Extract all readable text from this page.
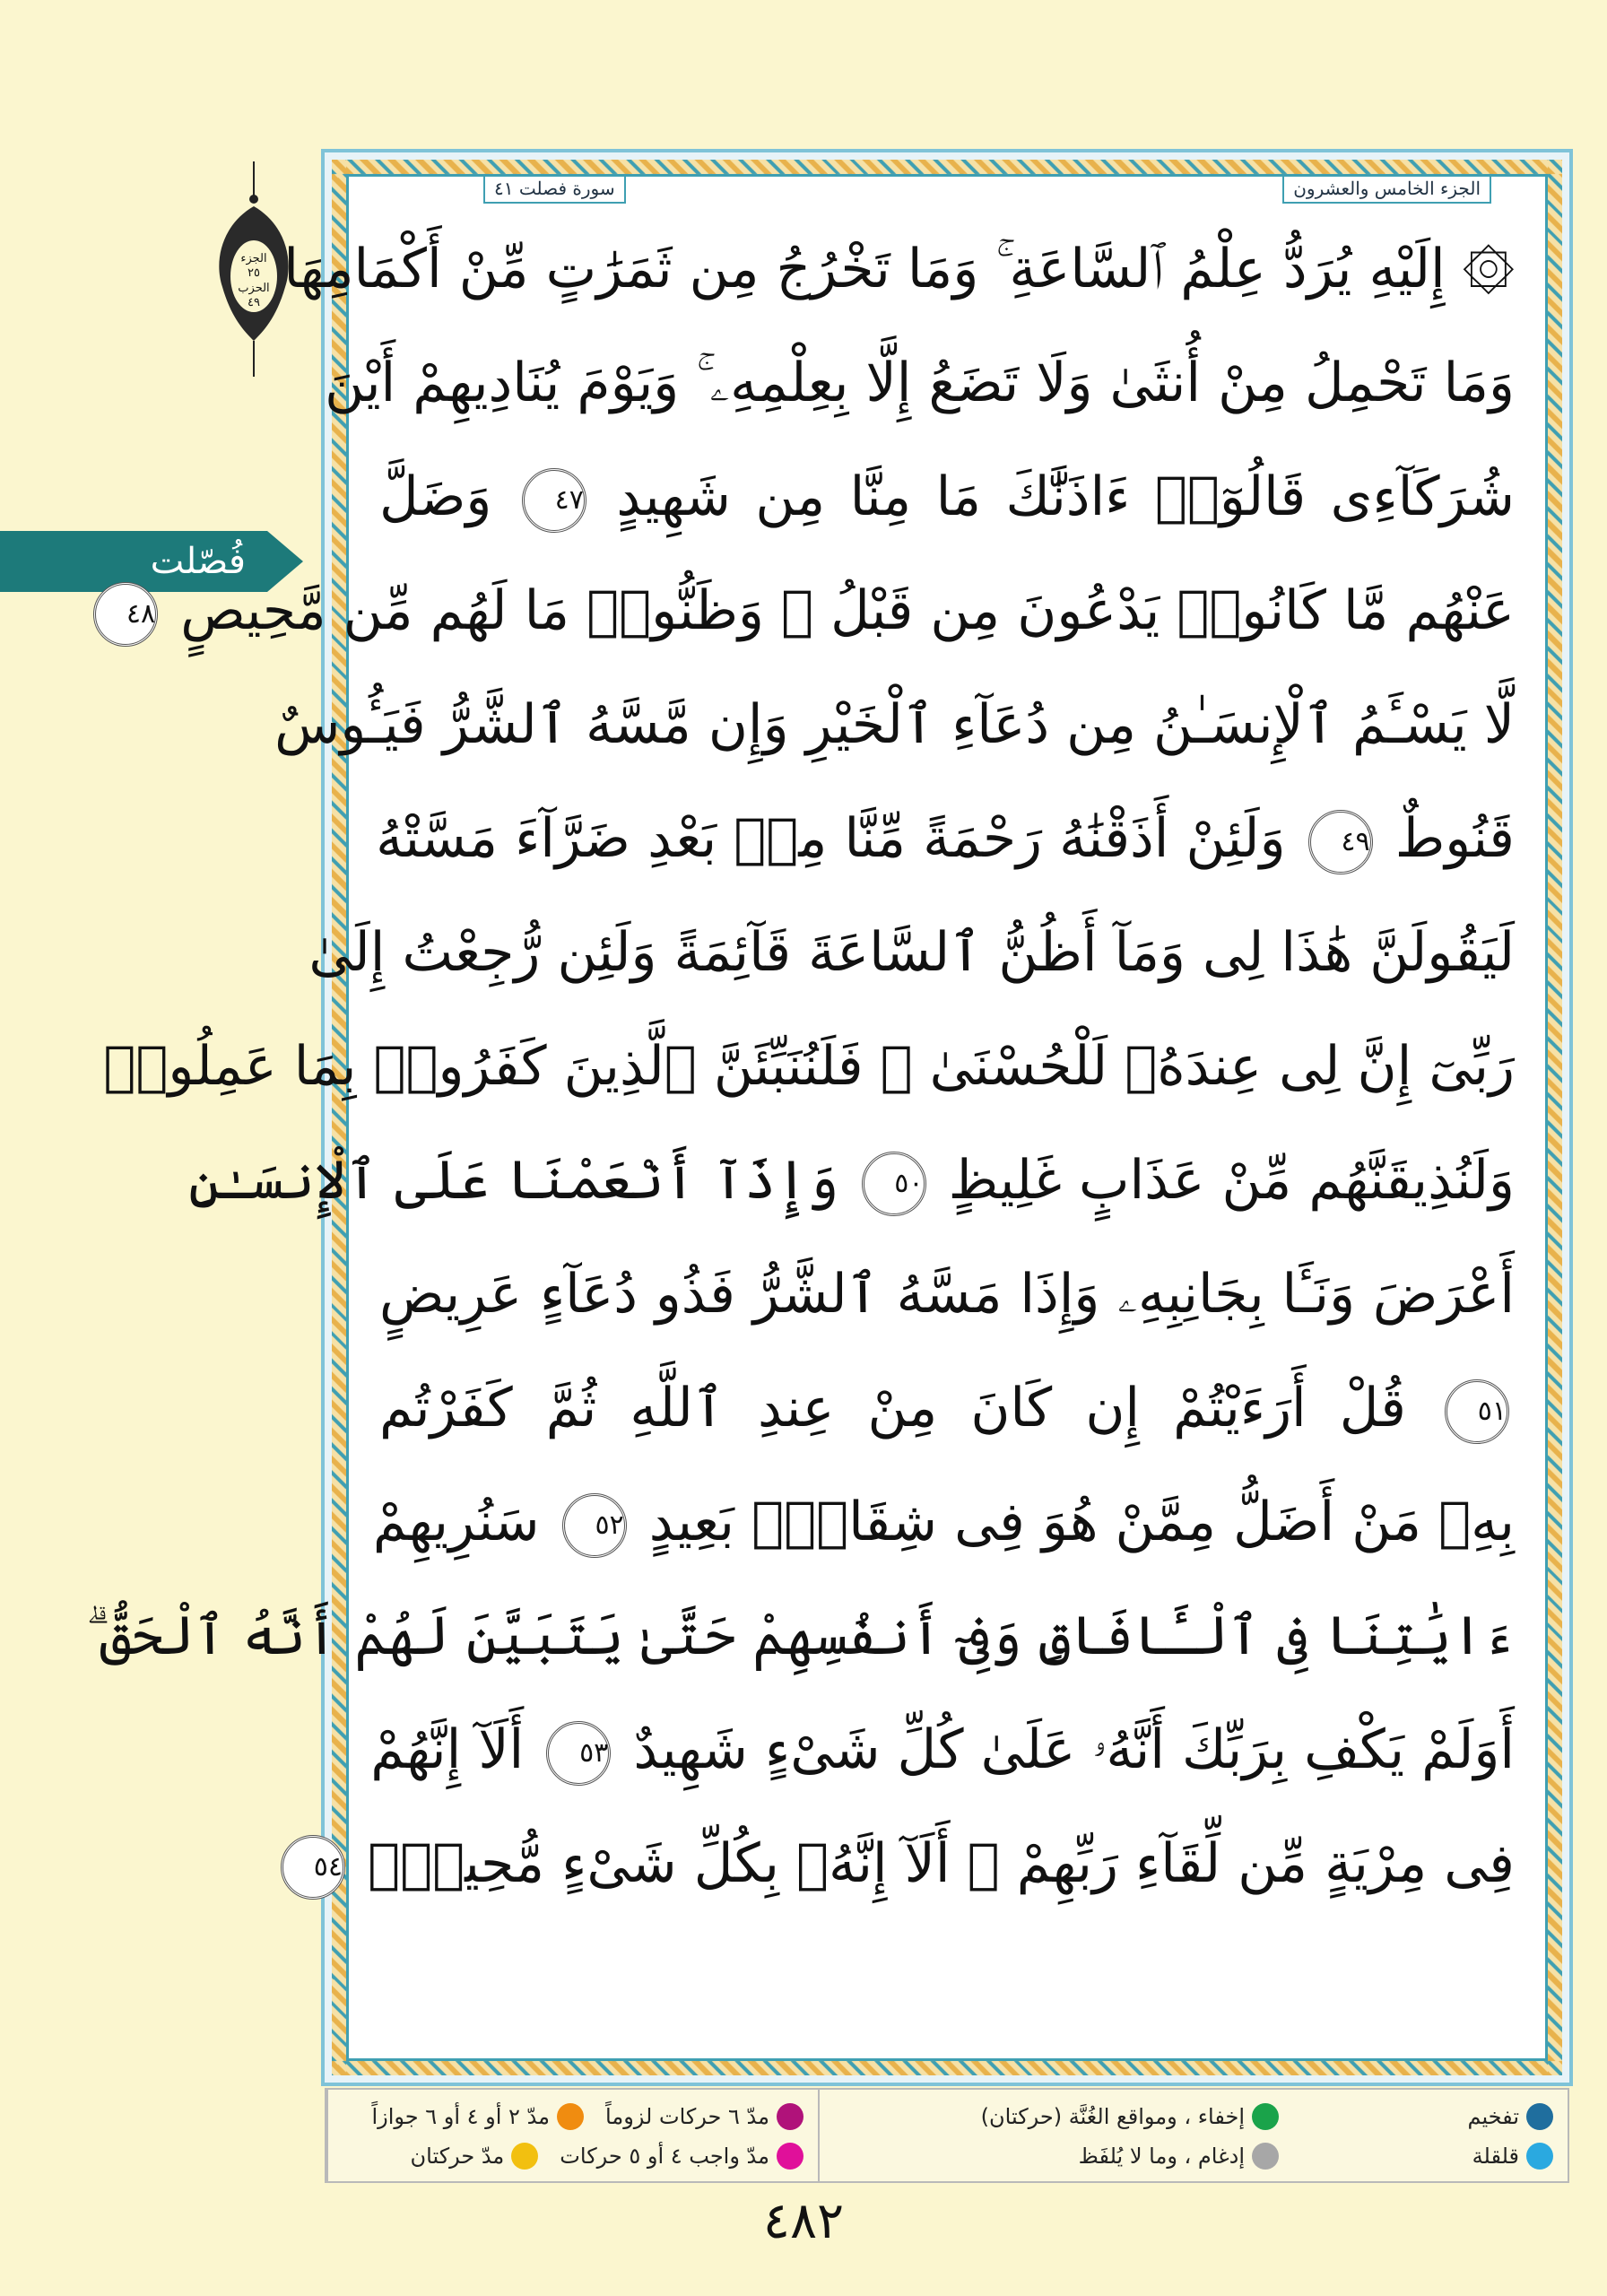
الجزء
٢٥
الحزب
٤٩
فُصّلت
سورة فصلت ٤١	الجزء الخامس والعشرون
۞ إِلَيْهِ يُرَدُّ عِلْمُ ٱلسَّاعَةِ ۚ وَمَا تَخْرُجُ مِن ثَمَرَٰتٍ مِّنْ أَكْمَامِهَا
وَمَا تَحْمِلُ مِنْ أُنثَىٰ وَلَا تَضَعُ إِلَّا بِعِلْمِهِۦ ۚ وَيَوْمَ يُنَادِيهِمْ أَيْنَ
شُرَكَآءِى قَالُوٓا۟ ءَاذَنَّٰكَ مَا مِنَّا مِن شَهِيدٍ ٤٧ وَضَلَّ
عَنْهُم مَّا كَانُوا۟ يَدْعُونَ مِن قَبْلُ ۖ وَظَنُّوا۟ مَا لَهُم مِّن مَّحِيصٍ ٤٨
لَّا يَسْـَٔمُ ٱلْإِنسَـٰنُ مِن دُعَآءِ ٱلْخَيْرِ وَإِن مَّسَّهُ ٱلشَّرُّ فَيَـُٔوسٌ
قَنُوطٌ ٤٩ وَلَئِنْ أَذَقْنَٰهُ رَحْمَةً مِّنَّا مِنۢ بَعْدِ ضَرَّآءَ مَسَّتْهُ
لَيَقُولَنَّ هَٰذَا لِى وَمَآ أَظُنُّ ٱلسَّاعَةَ قَآئِمَةً وَلَئِن رُّجِعْتُ إِلَىٰ
رَبِّىٓ إِنَّ لِى عِندَهُۥ لَلْحُسْنَىٰ ۚ فَلَنُنَبِّئَنَّ ٱلَّذِينَ كَفَرُوا۟ بِمَا عَمِلُوا۟
وَلَنُذِيقَنَّهُم مِّنْ عَذَابٍ غَلِيظٍ ٥٠ وَإِذَآ أَنْعَمْنَا عَلَى ٱلْإِنسَـٰنِ
أَعْرَضَ وَنَـَٔا بِجَانِبِهِۦ وَإِذَا مَسَّهُ ٱلشَّرُّ فَذُو دُعَآءٍ عَرِيضٍ
٥١ قُلْ أَرَءَيْتُمْ إِن كَانَ مِنْ عِندِ ٱللَّهِ ثُمَّ كَفَرْتُم
بِهِۦ مَنْ أَضَلُّ مِمَّنْ هُوَ فِى شِقَاقٍۭ بَعِيدٍ ٥٢ سَنُرِيهِمْ
ءَايَٰتِنَا فِى ٱلْـَٔافَاقِ وَفِىٓ أَنفُسِهِمْ حَتَّىٰ يَتَبَيَّنَ لَهُمْ أَنَّهُ ٱلْحَقُّ ۗ
أَوَلَمْ يَكْفِ بِرَبِّكَ أَنَّهُۥ عَلَىٰ كُلِّ شَىْءٍ شَهِيدٌ ٥٣ أَلَآ إِنَّهُمْ
فِى مِرْيَةٍ مِّن لِّقَآءِ رَبِّهِمْ ۗ أَلَآ إِنَّهُۥ بِكُلِّ شَىْءٍ مُّحِيطٌۢ ٥٤
مدّ ٦ حركات لزوماً
مدّ ٢ أو ٤ أو ٦ جوازاً
مدّ واجب ٤ أو ٥ حركات
مدّ حركتان
إخفاء ، ومواقع الغُنَّة (حركتان)
إدغام ، وما لا يُلفَظ
تفخيم
قلقلة
٤٨٢
